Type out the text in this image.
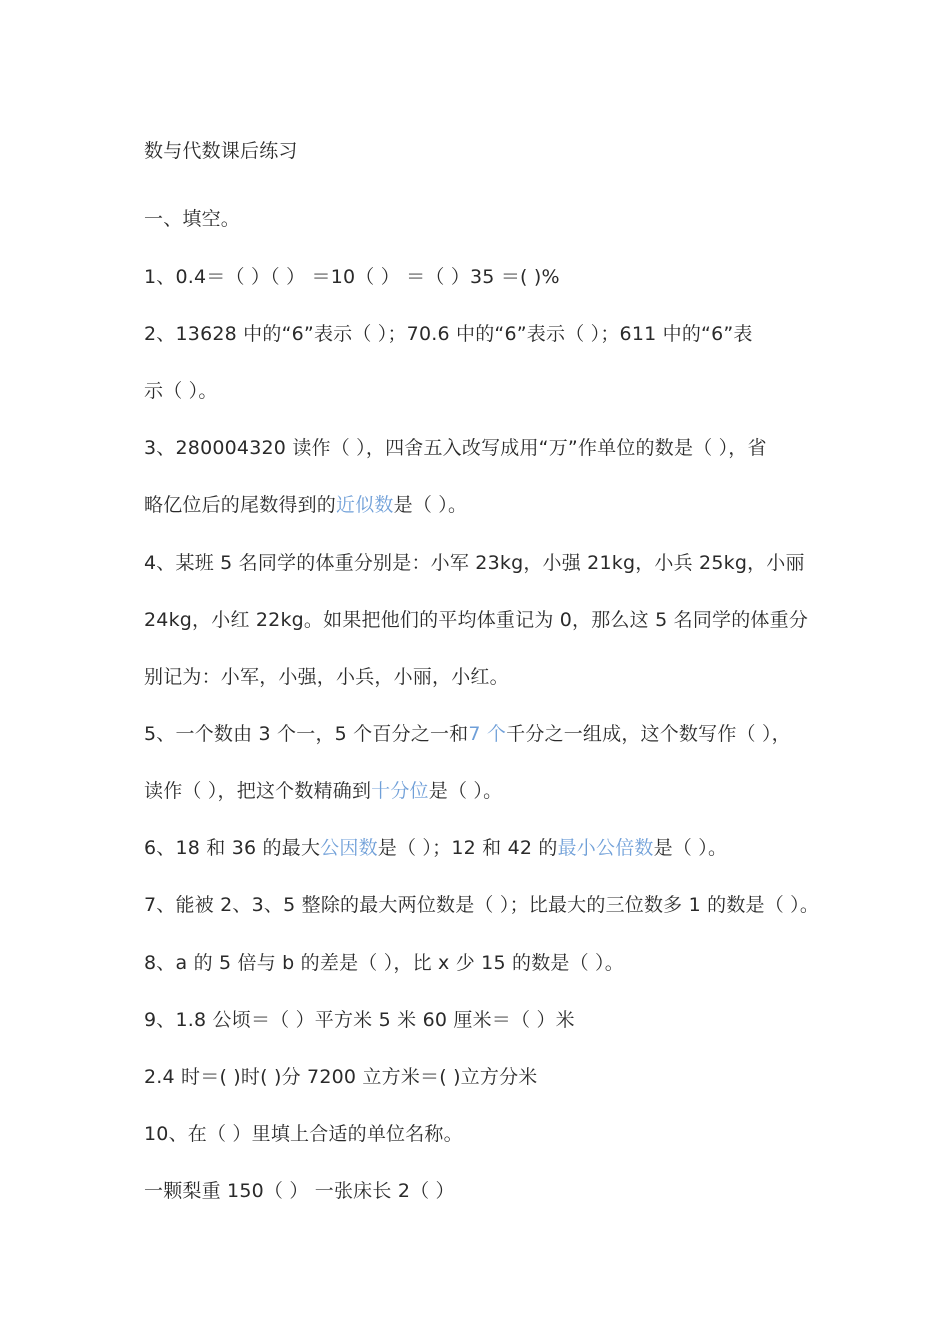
数与代数课后练习
一、填空。
1、0.4＝（ ）（ ） ＝10（ ） ＝（ ）35 ＝( )%
2、13628 中的“6”表示（ ）；70.6 中的“6”表示（ ）；611 中的“6”表
示（ ）。
3、280004320 读作（ ），四舍五入改写成用“万”作单位的数是（ ），省
略亿位后的尾数得到的近似数是（ ）。
4、某班 5 名同学的体重分别是：小军 23kg，小强 21kg，小兵 25kg，小丽
24kg，小红 22kg。如果把他们的平均体重记为 0，那么这 5 名同学的体重分
别记为：小军，小强，小兵，小丽，小红。
5、一个数由 3 个一，5 个百分之一和7 个千分之一组成，这个数写作（ ），
读作（ ），把这个数精确到十分位是（ ）。
6、18 和 36 的最大公因数是（ ）；12 和 42 的最小公倍数是（ ）。
7、能被 2、3、5 整除的最大两位数是（ ）；比最大的三位数多 1 的数是（ ）。
8、a 的 5 倍与 b 的差是（ ），比 x 少 15 的数是（ ）。
9、1.8 公顷＝（ ）平方米 5 米 60 厘米＝（ ）米
2.4 时＝( )时( )分 7200 立方米＝( )立方分米
10、在（ ）里填上合适的单位名称。
一颗梨重 150（ ） 一张床长 2（ ）
